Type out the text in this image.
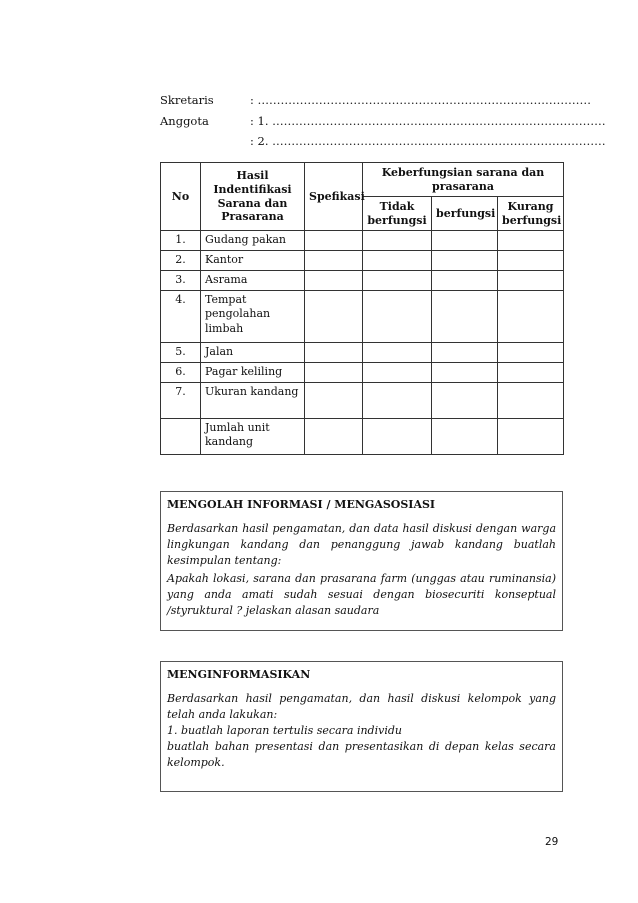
Skretaris	: ……………………………………………………………………………
Anggota	: 1. ……………………………………………………………………………
: 2. ……………………………………………………………………………
No	Hasil Indentifikasi Sarana dan Prasarana	Spefikasi	Keberfungsian sarana dan prasarana		
			Tidak berfungsi	berfungsi	Kurang berfungsi
1.	Gudang pakan				
2.	Kantor				
3.	Asrama				
4.	Tempat pengolahan limbah				
5.	Jalan				
6.	Pagar keliling				
7.	Ukuran kandang				
	Jumlah unit kandang				
MENGOLAH INFORMASI / MENGASOSIASI

Berdasarkan hasil pengamatan, dan data hasil diskusi dengan warga lingkungan kandang dan penanggung jawab kandang buatlah kesimpulan tentang:

Apakah lokasi, sarana dan prasarana farm (unggas atau ruminansia) yang anda amati sudah sesuai dengan biosecuriti konseptual /styruktural ? jelaskan alasan saudara

MENGINFORMASIKAN

Berdasarkan hasil pengamatan, dan hasil diskusi kelompok yang telah anda lakukan:

1. buatlah laporan tertulis secara individu

buatlah bahan presentasi dan presentasikan di depan kelas secara kelompok.

29
